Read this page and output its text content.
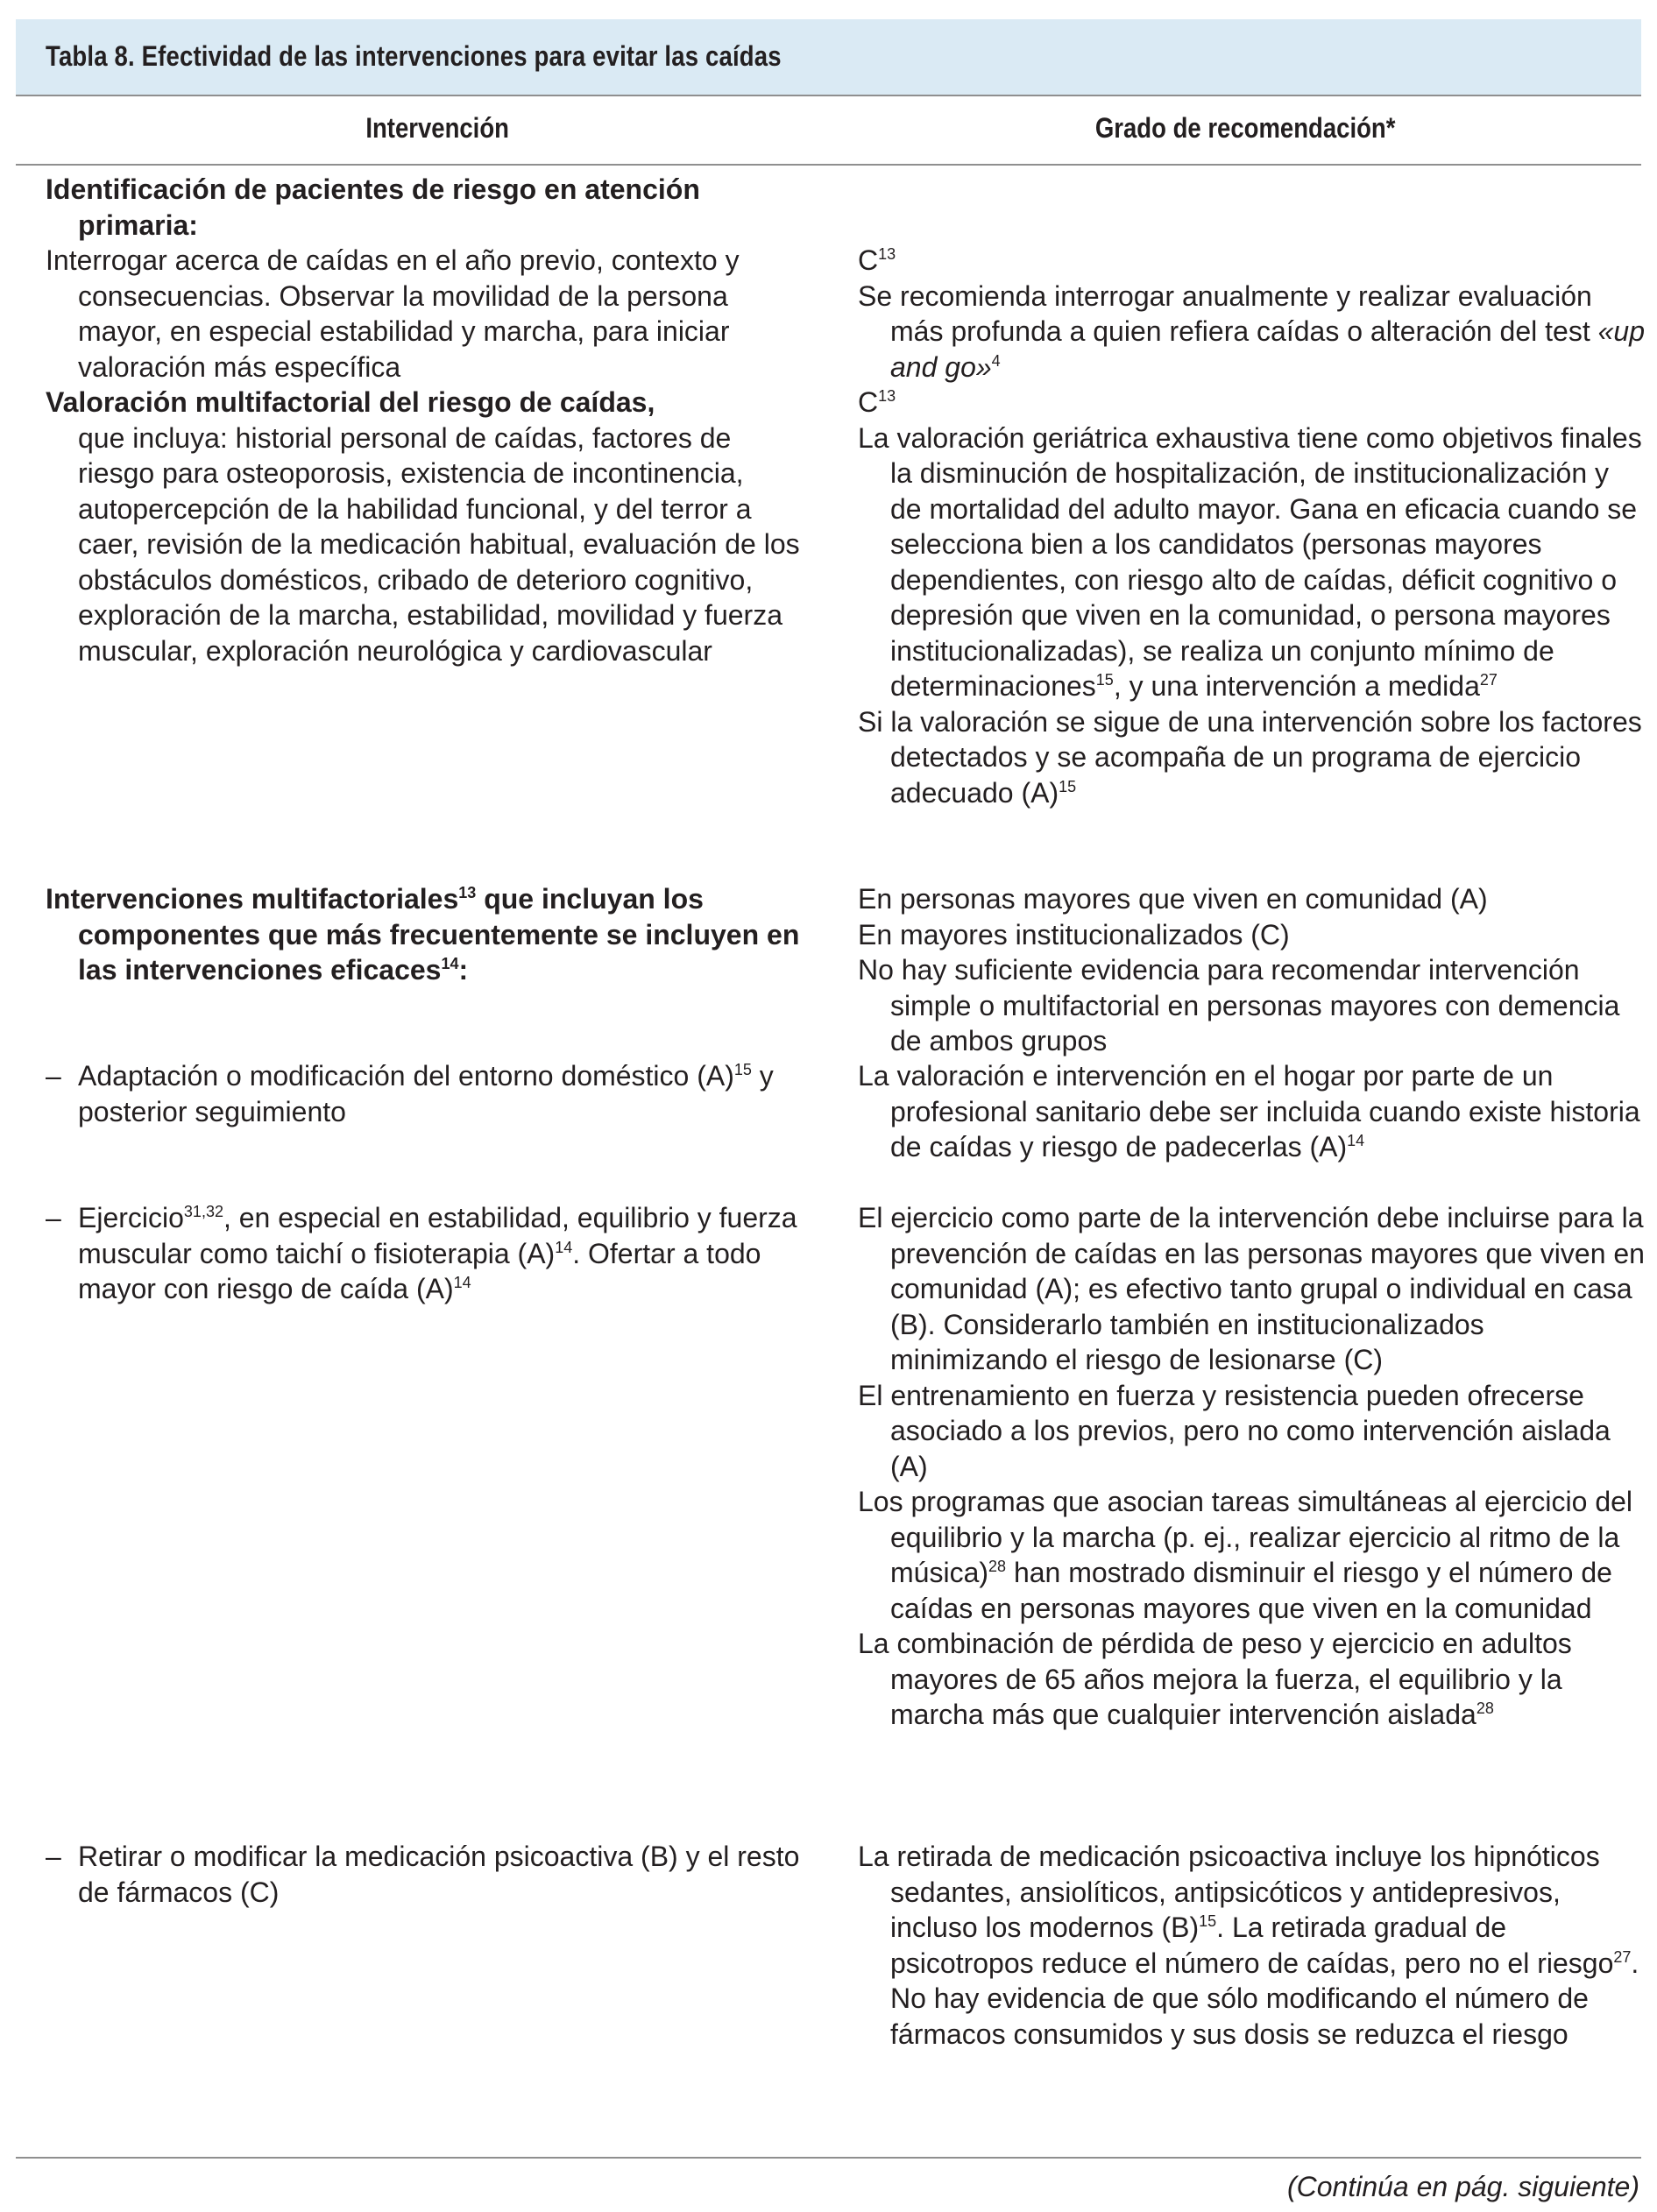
Tabla 8. Efectividad de las intervenciones para evitar las caídas
Intervención	Grado de recomendación*

Identificación de pacientes de riesgo en atención primaria:

Interrogar acerca de caídas en el año previo, contexto y consecuencias. Observar la movilidad de la persona mayor, en especial estabilidad y marcha, para iniciar valoración más específica

$C^{13}$

Se recomienda interrogar anualmente y realizar evaluación más profunda a quien refiera caídas o alteración del test «up and go»$^4$

Valoración multifactorial del riesgo de caídas,

que incluya: historial personal de caídas, factores de riesgo para osteoporosis, existencia de incontinencia, autopercepción de la habilidad funcional, y del terror a caer, revisión de la medicación habitual, evaluación de los obstáculos domésticos, cribado de deterioro cognitivo, exploración de la marcha, estabilidad, movilidad y fuerza muscular, exploración neurológica y cardiovascular

$C^{13}$

La valoración geriátrica exhaustiva tiene como objetivos finales la disminución de hospitalización, de institucionalización y de mortalidad del adulto mayor. Gana en eficacia cuando se selecciona bien a los candidatos (personas mayores dependientes, con riesgo alto de caídas, déficit cognitivo o depresión que viven en la comunidad, o persona mayores institucionalizadas), se realiza un conjunto mínimo de determinaciones$^{15}$, y una intervención a medida$^{27}$

Si la valoración se sigue de una intervención sobre los factores detectados y se acompaña de un programa de ejercicio adecuado $(A)^{15}$

Intervenciones multifactoriales$^{13}$ que incluyan los componentes que más frecuentemente se incluyen en las intervenciones eficaces$^{14}$:

En personas mayores que viven en comunidad (A)

En mayores institucionalizados (C)

No hay suficiente evidencia para recomendar intervención simple o multifactorial en personas mayores con demencia de ambos grupos

– Adaptación o modificación del entorno doméstico $(A)^{15}$ y posterior seguimiento

La valoración e intervención en el hogar por parte de un profesional sanitario debe ser incluida cuando existe historia de caídas y riesgo de padecerlas $(A)^{14}$

– Ejercicio$^{31,32}$, en especial en estabilidad, equilibrio y fuerza muscular como taichí o fisioterapia $(A)^{14}$. Ofertar a todo mayor con riesgo de caída $(A)^{14}$

El ejercicio como parte de la intervención debe incluirse para la prevención de caídas en las personas mayores que viven en comunidad (A); es efectivo tanto grupal o individual en casa (B). Considerarlo también en institucionalizados minimizando el riesgo de lesionarse (C)

El entrenamiento en fuerza y resistencia pueden ofrecerse asociado a los previos, pero no como intervención aislada (A)

Los programas que asocian tareas simultáneas al ejercicio del equilibrio y la marcha (p. ej., realizar ejercicio al ritmo de la música)$^{28}$ han mostrado disminuir el riesgo y el número de caídas en personas mayores que viven en la comunidad

La combinación de pérdida de peso y ejercicio en adultos mayores de 65 años mejora la fuerza, el equilibrio y la marcha más que cualquier intervención aislada$^{28}$

– Retirar o modificar la medicación psicoactiva (B) y el resto de fármacos (C)

La retirada de medicación psicoactiva incluye los hipnóticos sedantes, ansiolíticos, antipsicóticos y antidepresivos, incluso los modernos $(B)^{15}$. La retirada gradual de psicotropos reduce el número de caídas, pero no el riesgo$^{27}$. No hay evidencia de que sólo modificando el número de fármacos consumidos y sus dosis se reduzca el riesgo

(Continúa en pág. siguiente)
